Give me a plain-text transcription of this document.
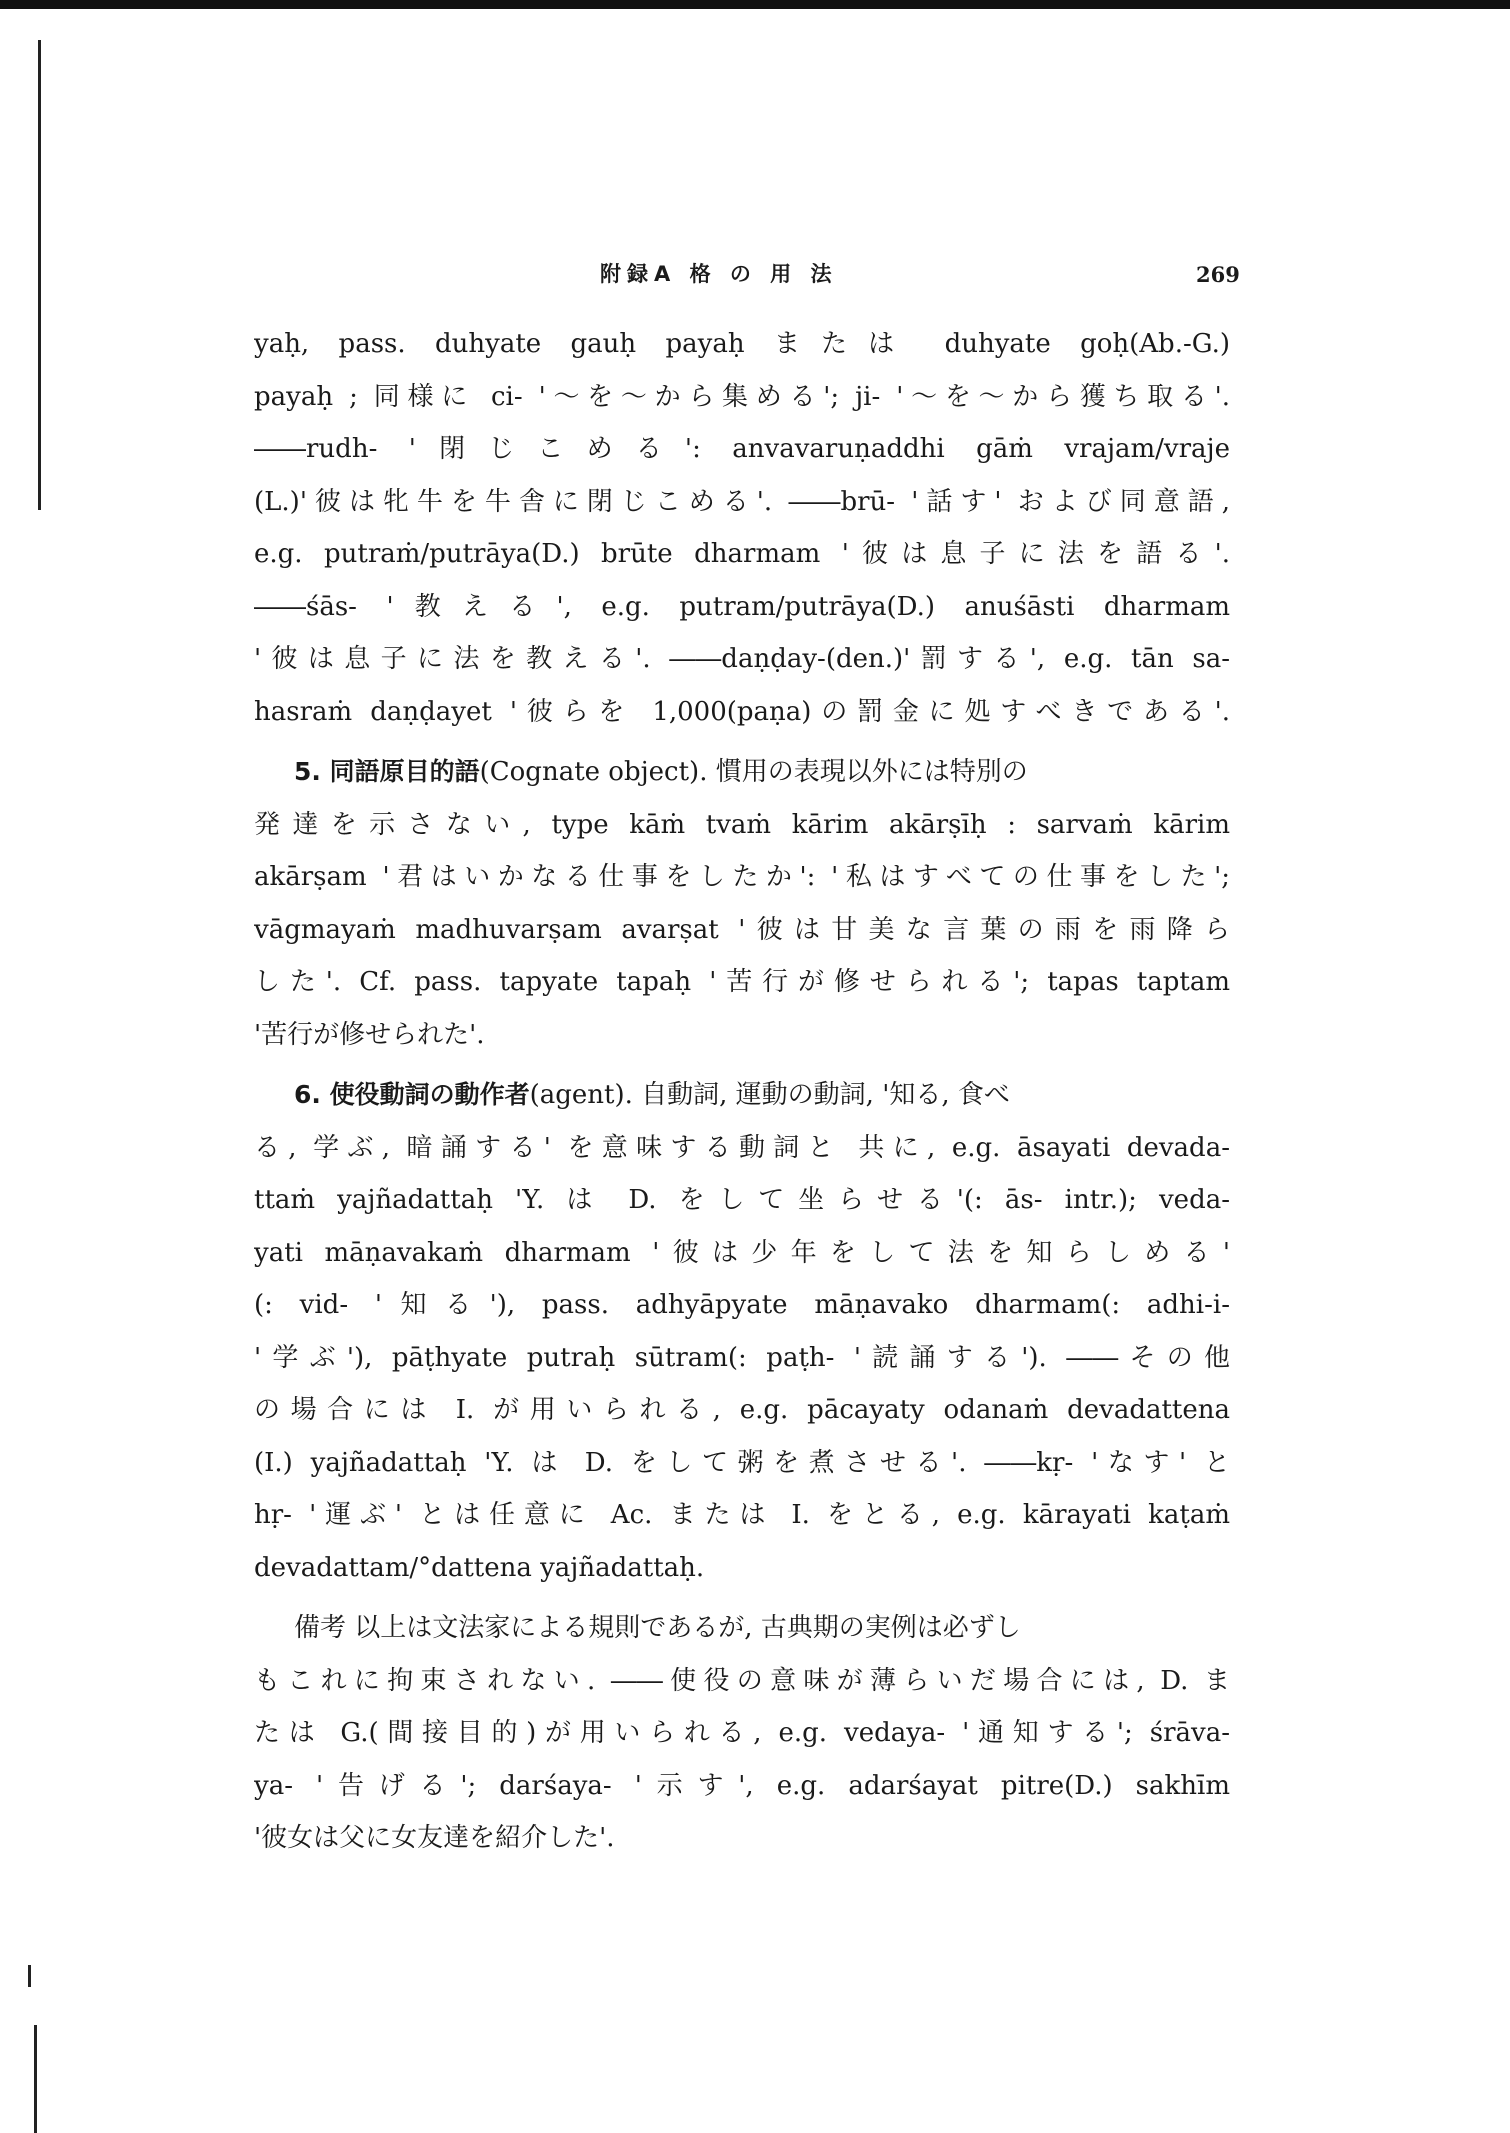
附録A 格 の 用 法	269
yaḥ, pass. duhyate gauḥ payaḥ または duhyate goḥ(Ab.-G.)
payaḥ ; 同様に ci- '～を～から集める'; ji- '～を～から獲ち取る'.
――rudh- '閉じこめる': anvavaruṇaddhi gāṁ vrajam/vraje
(L.)'彼は牝牛を牛舎に閉じこめる'. ――brū- '話す' および同意語,
e.g. putraṁ/putrāya(D.) brūte dharmam '彼は息子に法を語る'.
――śās- '教える', e.g. putram/putrāya(D.) anuśāsti dharmam
'彼は息子に法を教える'. ――daṇḍay-(den.)'罰する', e.g. tān sa-
hasraṁ daṇḍayet '彼らを 1,000(paṇa)の罰金に処すべきである'.
5. 同語原目的語(Cognate object). 慣用の表現以外には特別の
発達を示さない, type kāṁ tvaṁ kārim akārṣīḥ : sarvaṁ kārim
akārṣam '君はいかなる仕事をしたか': '私はすべての仕事をした';
vāgmayaṁ madhuvarṣam avarṣat '彼は甘美な言葉の雨を雨降ら
した'. Cf. pass. tapyate tapaḥ '苦行が修せられる'; tapas taptam
'苦行が修せられた'.
6. 使役動詞の動作者(agent). 自動詞, 運動の動詞, '知る, 食べ
る, 学ぶ, 暗誦する' を意味する動詞と 共に, e.g. āsayati devada-
ttaṁ yajñadattaḥ 'Y. は D. をして坐らせる'(: ās- intr.); veda-
yati māṇavakaṁ dharmam '彼は少年をして法を知らしめる'
(: vid- '知る'), pass. adhyāpyate māṇavako dharmam(: adhi-i-
'学ぶ'), pāṭhyate putraḥ sūtram(: paṭh- '読誦する'). ――その他
の場合には I. が用いられる, e.g. pācayaty odanaṁ devadattena
(I.) yajñadattaḥ 'Y. は D. をして粥を煮させる'. ――kṛ- 'なす' と
hṛ- '運ぶ' とは任意に Ac. または I. をとる, e.g. kārayati kaṭaṁ
devadattam/°dattena yajñadattaḥ.
備考 以上は文法家による規則であるが, 古典期の実例は必ずし
もこれに拘束されない. ――使役の意味が薄らいだ場合には, D. ま
たは G.(間接目的)が用いられる, e.g. vedaya- '通知する'; śrāva-
ya- '告げる'; darśaya- '示す', e.g. adarśayat pitre(D.) sakhīm
'彼女は父に女友達を紹介した'.
